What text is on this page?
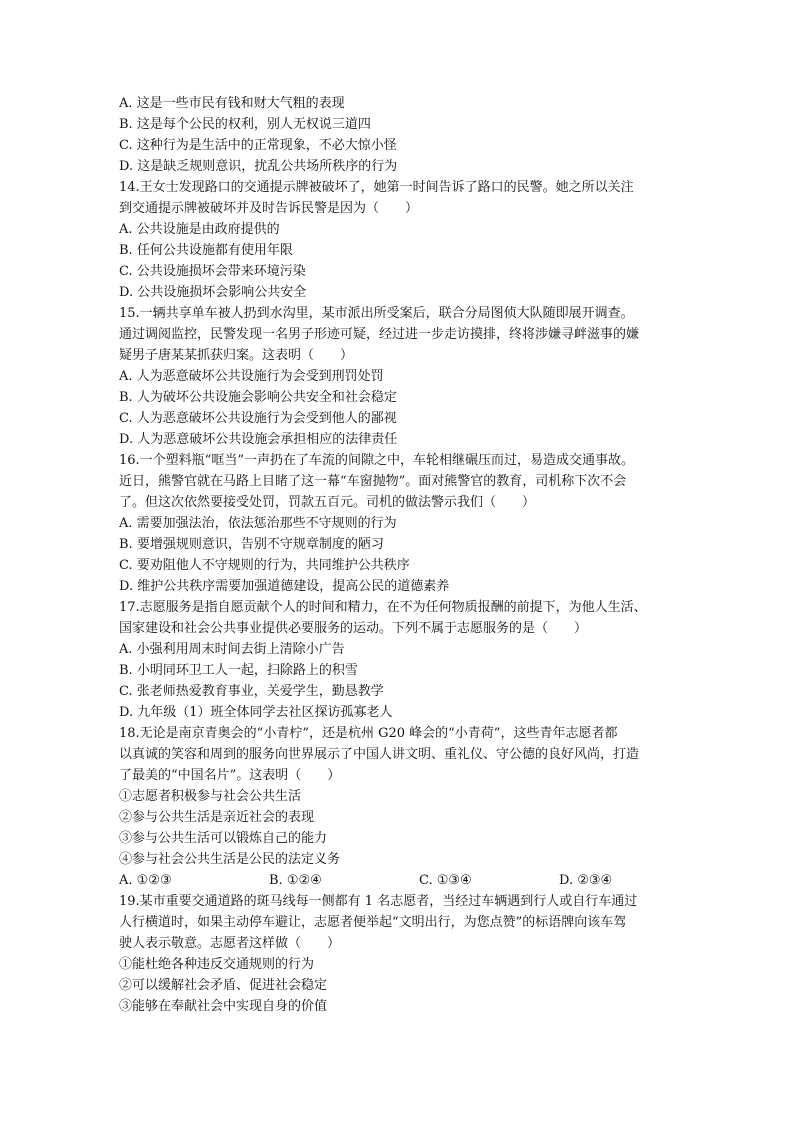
A. 这是一些市民有钱和财大气粗的表现
B. 这是每个公民的权利，别人无权说三道四
C. 这种行为是生活中的正常现象，不必大惊小怪
D. 这是缺乏规则意识，扰乱公共场所秩序的行为
14.王女士发现路口的交通提示牌被破坏了，她第一时间告诉了路口的民警。她之所以关注
到交通提示牌被破坏并及时告诉民警是因为（　　）
A. 公共设施是由政府提供的
B. 任何公共设施都有使用年限
C. 公共设施损坏会带来环境污染
D. 公共设施损坏会影响公共安全
15.一辆共享单车被人扔到水沟里，某市派出所受案后，联合分局图侦大队随即展开调查。
通过调阅监控，民警发现一名男子形迹可疑，经过进一步走访摸排，终将涉嫌寻衅滋事的嫌
疑男子唐某某抓获归案。这表明（　　）
A. 人为恶意破坏公共设施行为会受到刑罚处罚
B. 人为破坏公共设施会影响公共安全和社会稳定
C. 人为恶意破坏公共设施行为会受到他人的鄙视
D. 人为恶意破坏公共设施会承担相应的法律责任
16.一个塑料瓶“哐当”一声扔在了车流的间隙之中，车轮相继碾压而过，易造成交通事故。
近日，熊警官就在马路上目睹了这一幕“车窗抛物”。面对熊警官的教育，司机称下次不会
了。但这次依然要接受处罚，罚款五百元。司机的做法警示我们（　　）
A. 需要加强法治，依法惩治那些不守规则的行为
B. 要增强规则意识，告别不守规章制度的陋习
C. 要劝阻他人不守规则的行为，共同维护公共秩序
D. 维护公共秩序需要加强道德建设，提高公民的道德素养
17.志愿服务是指自愿贡献个人的时间和精力，在不为任何物质报酬的前提下，为他人生活、
国家建设和社会公共事业提供必要服务的运动。下列不属于志愿服务的是（　　）
A. 小强利用周末时间去街上清除小广告
B. 小明同环卫工人一起，扫除路上的积雪
C. 张老师热爱教育事业，关爱学生，勤恳教学
D. 九年级（1）班全体同学去社区探访孤寡老人
18.无论是南京青奥会的“小青柠”，还是杭州 G20 峰会的“小青荷”，这些青年志愿者都
以真诚的笑容和周到的服务向世界展示了中国人讲文明、重礼仪、守公德的良好风尚，打造
了最美的“中国名片”。这表明（　　）
①志愿者积极参与社会公共生活
②参与公共生活是亲近社会的表现
③参与公共生活可以锻炼自己的能力
④参与社会公共生活是公民的法定义务
A. ①②③	B. ①②④	C. ①③④	D. ②③④
19.某市重要交通道路的斑马线每一侧都有 1 名志愿者，当经过车辆遇到行人或自行车通过
人行横道时，如果主动停车避让，志愿者便举起“文明出行，为您点赞”的标语牌向该车驾
驶人表示敬意。志愿者这样做（　　）
①能杜绝各种违反交通规则的行为
②可以缓解社会矛盾、促进社会稳定
③能够在奉献社会中实现自身的价值
